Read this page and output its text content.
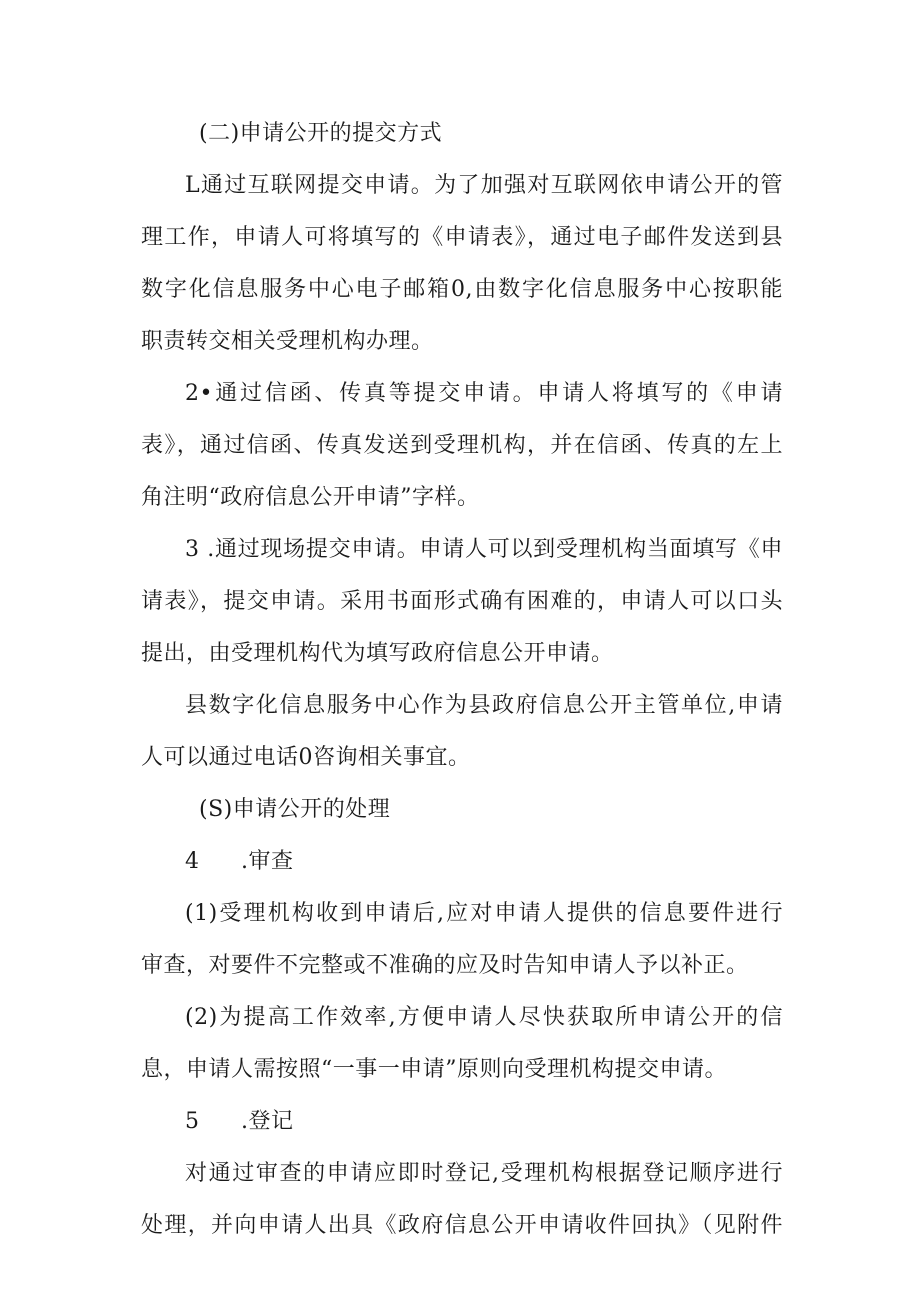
(二)申请公开的提交方式
L通过互联网提交申请。为了加强对互联网依申请公开的管
理工作，申请人可将填写的《申请表》，通过电子邮件发送到县
数字化信息服务中心电子邮箱0,由数字化信息服务中心按职能
职责转交相关受理机构办理。
2•通过信函、传真等提交申请。申请人将填写的《申请
表》，通过信函、传真发送到受理机构，并在信函、传真的左上
角注明“政府信息公开申请”字样。
3 .通过现场提交申请。申请人可以到受理机构当面填写《申
请表》，提交申请。采用书面形式确有困难的，申请人可以口头
提出，由受理机构代为填写政府信息公开申请。
县数字化信息服务中心作为县政府信息公开主管单位,申请
人可以通过电话0咨询相关事宜。
(S)申请公开的处理
4 .审查
(1)受理机构收到申请后,应对申请人提供的信息要件进行
审查，对要件不完整或不准确的应及时告知申请人予以补正。
(2)为提高工作效率,方便申请人尽快获取所申请公开的信
息，申请人需按照“一事一申请”原则向受理机构提交申请。
5 .登记
对通过审查的申请应即时登记,受理机构根据登记顺序进行
处理，并向申请人出具《政府信息公开申请收件回执》（见附件
